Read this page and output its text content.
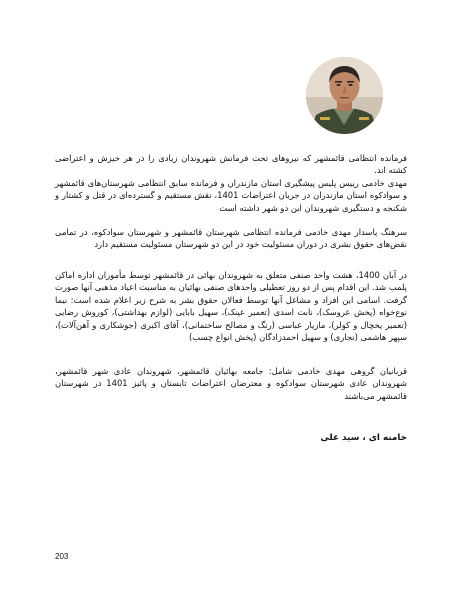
فرمانده انتظامی قائمشهر که نیروهای تحت فرمانش شهروندان زیادی را در هر خیزش و اعتراضی کشته اند.

مهدی خادمی رییس پلیس پیشگیری استان مازندران و فرمانده سابق انتظامی شهرستان‌های قائمشهر و سوادکوه استان مازندران در جریان اعتراضات 1401، نقش مستقیم و گسترده‌ای در قتل و کشتار و شکنجه و دستگیری شهروندان این دو شهر داشته است

سرهنگ پاسدار مهدی خادمی فرمانده انتظامی شهرستان قائمشهر و شهرستان سوادکوه، در تمامی نقض‌های حقوق بشری در دوران مسئولیت خود در این دو شهرستان مسئولیت مستقیم دارد

در آبان 1400، هشت واحد صنفی متعلق به شهروندان بهائی در قائمشهر توسط مأموران اداره اماکن پلمب شد. این اقدام پس از دو روز تعطیلی واحدهای صنفی بهائیان به مناسبت اعیاد مذهبی آنها صورت گرفت. اسامی این افراد و مشاغل آنها توسط فعالان حقوق بشر به شرح زیر اعلام شده است: نیما نوع‌خواه (پخش عروسک)، نابت اسدی (تعمیر عینک)، سهیل بابایی (لوازم بهداشتی)، کوروش رضایی (تعمیر یخچال و کولر)، مازیار عباسی (رنگ و مصالح ساختمانی)، آقای اکبری (جوشکاری و آهن‌آلات)، سپهر هاشمی (نجاری) و سهیل احمدزادگان (پخش انواع چسب)

قربانیان گروهی مهدی خادمی شامل: جامعه بهائیان قائمشهر، شهروندان عادی شهر قائمشهر، شهروندان عادی شهرستان سوادکوه و معترضان اعتراضات تابستان و پائیز 1401 در شهرستان قائمشهر می‌باشند

خامنه ای ، سید علی
203
